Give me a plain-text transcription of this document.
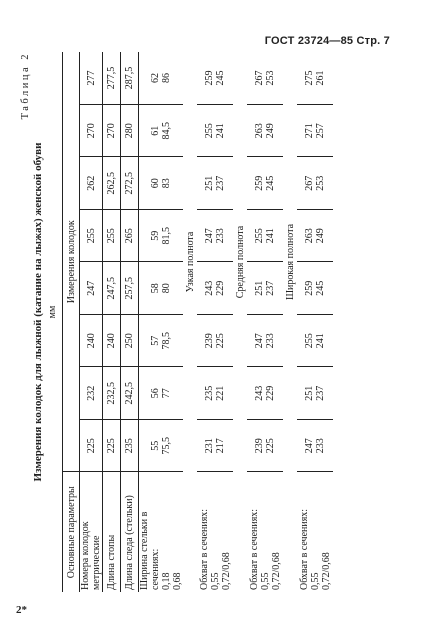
ГОСТ 23724—85 Стр. 7
2*
Таблица 2
Измерения колодок для лыжной (катание на лыжах) женской обуви мм
Основные параметры	Измерения колодок							
Номера колодок метрические	225	232	240	247	255	262	270	277
Длина стопы	225	232,5	240	247,5	255	262,5	270	277,5
Длина следа (стельки)	235	242,5	250	257,5	265	272,5	280	287,5

Ширина стельки в сечениях: 0,18 0,68	55 75,5	56 77	57 78,5	58 80	59 81,5	60 83	61 84,5	62 86

	Узкая полнота							

Обхват в сечениях: 0,55 0,72/0,68	231 217	235 221	239 225	243 229	247 233	251 237	255 241	259 245

	Средняя полнота							

Обхват в сечениях: 0,55 0,72/0,68	239 225	243 229	247 233	251 237	255 241	259 245	263 249	267 253

	Широкая полнота							

Обхват в сечениях: 0,55 0,72/0,68	247 233	251 237	255 241	259 245	263 249	267 253	271 257	275 261
